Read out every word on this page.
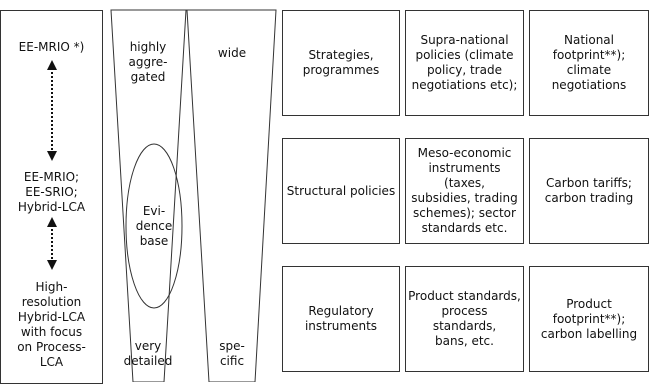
EE-MRIO *)
EE-MRIO;
EE-SRIO;
Hybrid-LCA
High-
resolution
Hybrid-LCA
with focus
on Process-
LCA
highly
aggre-
gated
Evi-
dence
base
very
detailed
wide
spe-
cific
Strategies,
programmes
Supra-national
policies (climate
policy, trade
negotiations etc);
National
footprint**);
climate
negotiations
Structural policies
Meso-economic
instruments (taxes,
subsidies, trading
schemes); sector
standards etc.
Carbon tariffs;
carbon trading
Regulatory
instruments
Product standards,
process standards,
bans, etc.
Product
footprint**);
carbon labelling
